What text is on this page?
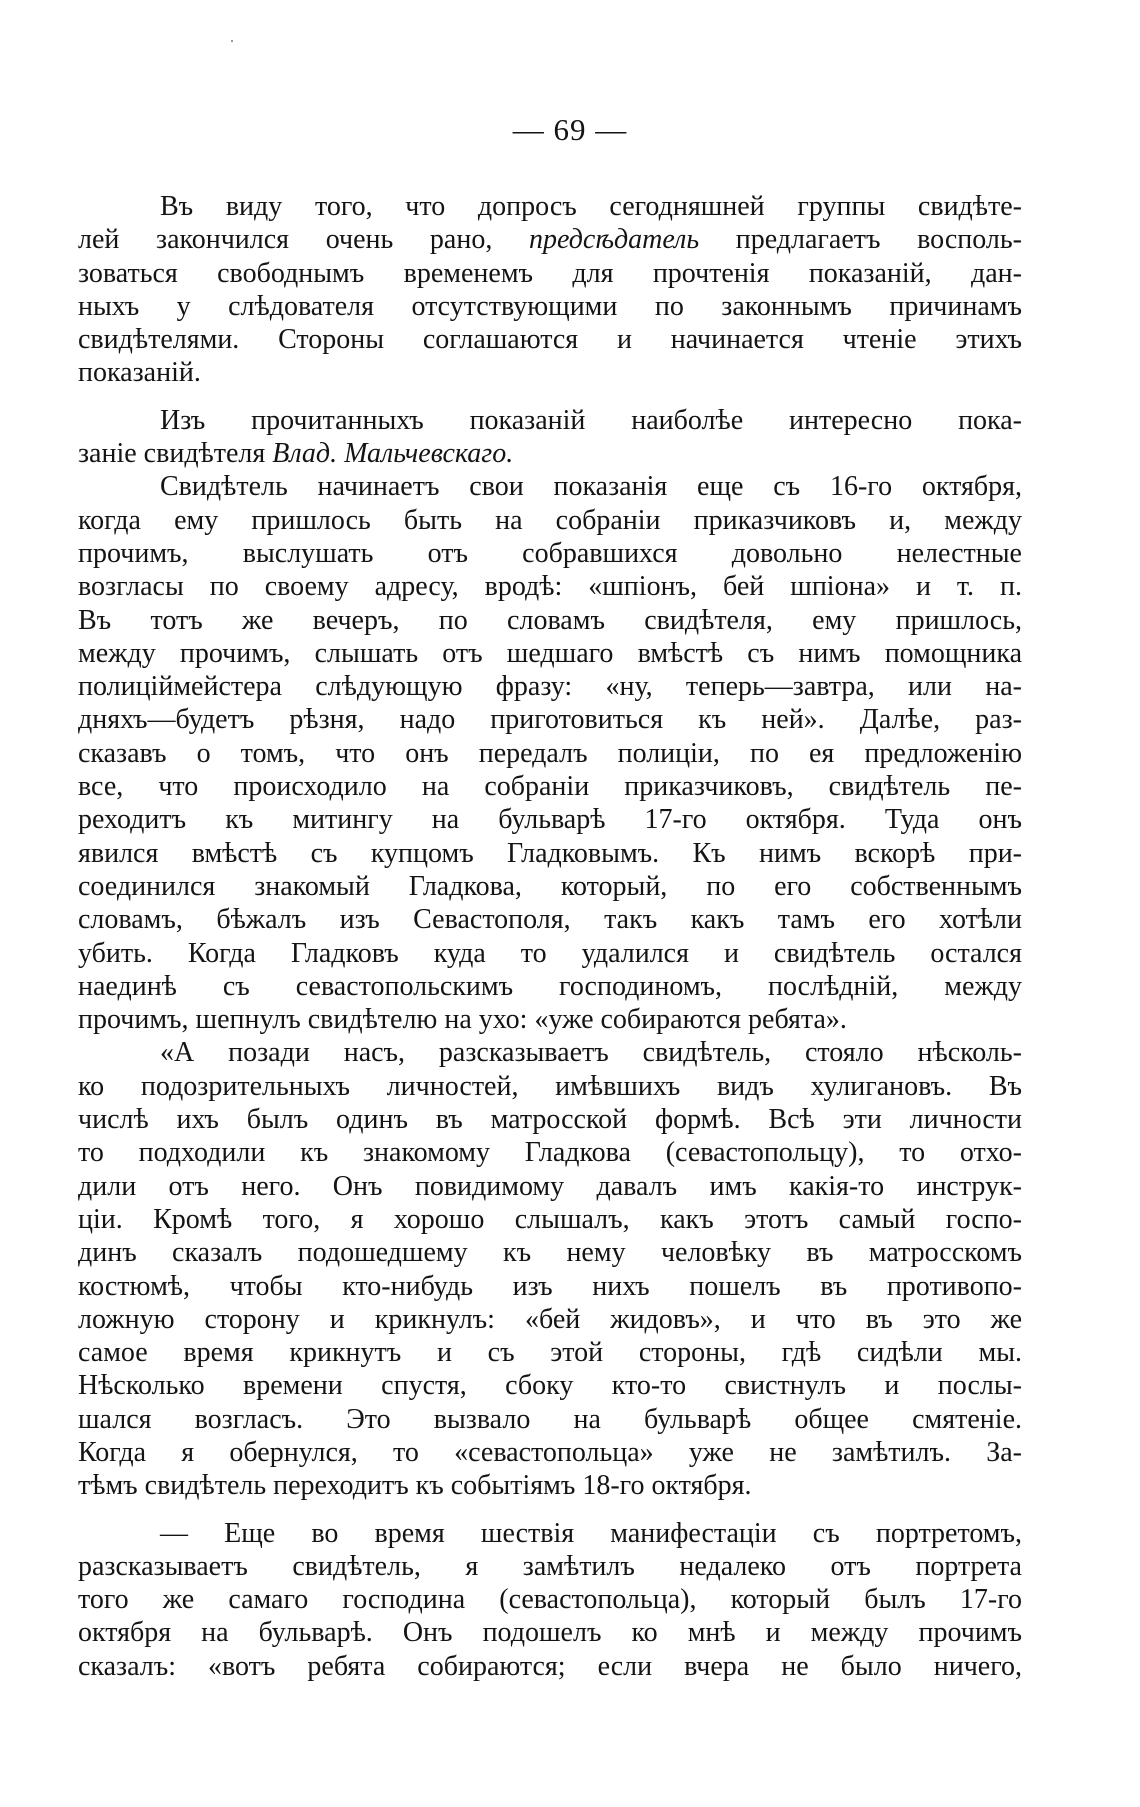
— 69 —
Въ виду того, что допросъ сегодняшней группы свидѣте-
лей закончился очень рано, предсѣдатель предлагаетъ восполь-
зоваться свободнымъ временемъ для прочтенія показаній, дан-
ныхъ у слѣдователя отсутствующими по законнымъ причинамъ
свидѣтелями. Стороны соглашаются и начинается чтеніе этихъ
показаній.
Изъ прочитанныхъ показаній наиболѣе интересно пока-
заніе свидѣтеля Влад. Мальчевскаго.
Свидѣтель начинаетъ свои показанія еще съ 16-го октября,
когда ему пришлось быть на собраніи приказчиковъ и, между
прочимъ, выслушать отъ собравшихся довольно нелестные
возгласы по своему адресу, вродѣ: «шпіонъ, бей шпіона» и т. п.
Въ тотъ же вечеръ, по словамъ свидѣтеля, ему пришлось,
между прочимъ, слышать отъ шедшаго вмѣстѣ съ нимъ помощника
полицiймейстера слѣдующую фразу: «ну, теперь—завтра, или на-
дняхъ—будетъ рѣзня, надо приготовиться къ ней». Далѣе, раз-
сказавъ о томъ, что онъ передалъ полиціи, по ея предложенію
все, что происходило на собраніи приказчиковъ, свидѣтель пе-
реходитъ къ митингу на бульварѣ 17-го октября. Туда онъ
явился вмѣстѣ съ купцомъ Гладковымъ. Къ нимъ вскорѣ при-
соединился знакомый Гладкова, который, по его собственнымъ
словамъ, бѣжалъ изъ Севастополя, такъ какъ тамъ его хотѣли
убить. Когда Гладковъ куда то удалился и свидѣтель остался
наединѣ съ севастопольскимъ господиномъ, послѣдній, между
прочимъ, шепнулъ свидѣтелю на ухо: «уже собираются ребята».
«А позади насъ, разсказываетъ свидѣтель, стояло нѣсколь-
ко подозрительныхъ личностей, имѣвшихъ видъ хулигановъ. Въ
числѣ ихъ былъ одинъ въ матросской формѣ. Всѣ эти личности
то подходили къ знакомому Гладкова (севастопольцу), то отхо-
дили отъ него. Онъ повидимому давалъ имъ какія-то инструк-
ціи. Кромѣ того, я хорошо слышалъ, какъ этотъ самый госпо-
динъ сказалъ подошедшему къ нему человѣку въ матросскомъ
костюмѣ, чтобы кто-нибудь изъ нихъ пошелъ въ противопо-
ложную сторону и крикнулъ: «бей жидовъ», и что въ это же
самое время крикнутъ и съ этой стороны, гдѣ сидѣли мы.
Нѣсколько времени спустя, сбоку кто-то свистнулъ и послы-
шался возгласъ. Это вызвало на бульварѣ общее смятеніе.
Когда я обернулся, то «севастопольца» уже не замѣтилъ. За-
тѣмъ свидѣтель переходитъ къ событіямъ 18-го октября.
— Еще во время шествія манифестаціи съ портретомъ,
разсказываетъ свидѣтель, я замѣтилъ недалеко отъ портрета
того же самаго господина (севастопольца), который былъ 17-го
октября на бульварѣ. Онъ подошелъ ко мнѣ и между прочимъ
сказалъ: «вотъ ребята собираются; если вчера не было ничего,
